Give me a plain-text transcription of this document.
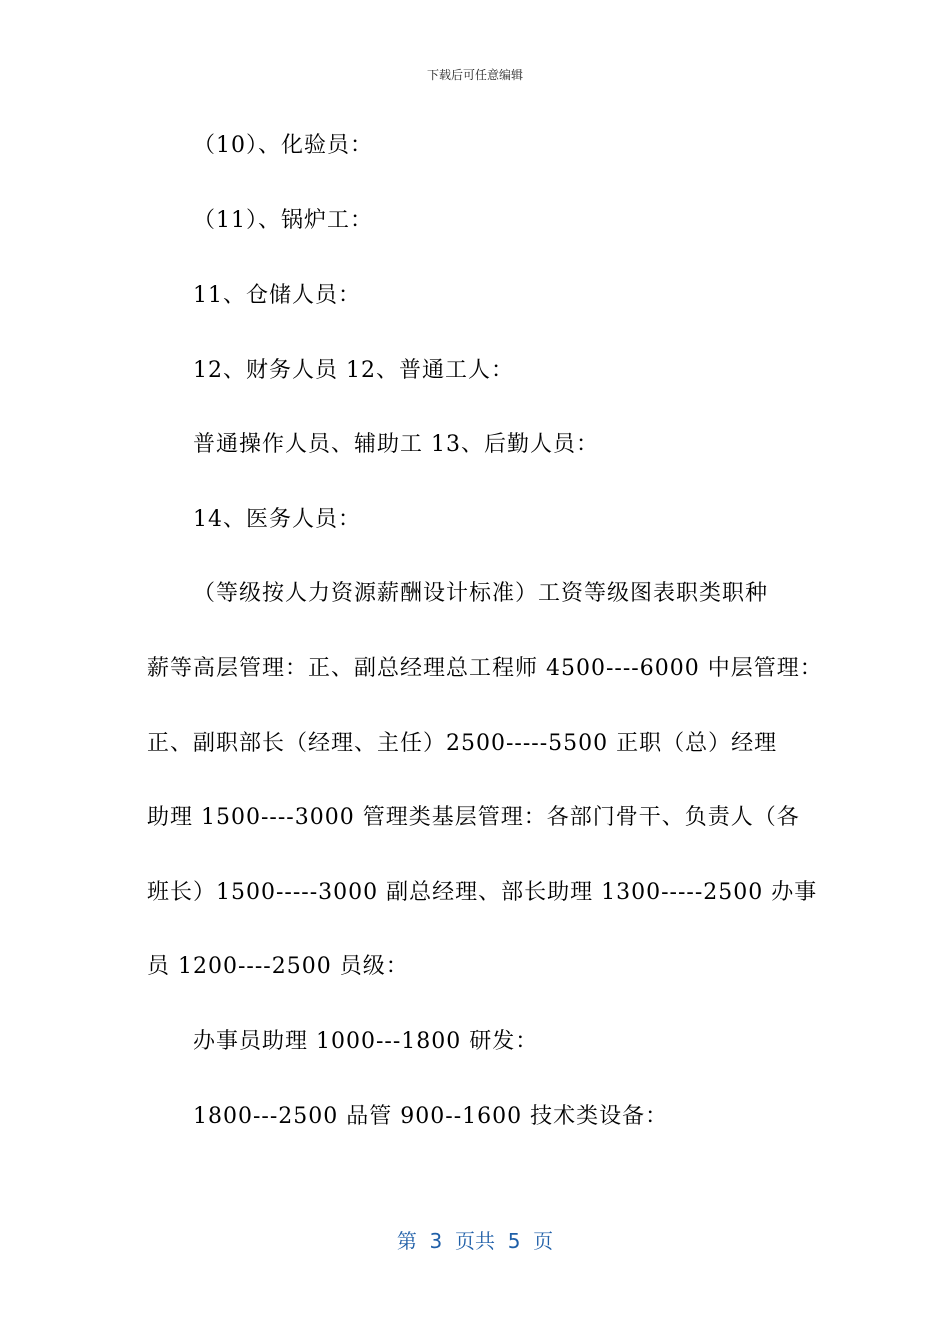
下载后可任意编辑
（10）、化验员：
（11）、锅炉工：
11、仓储人员：
12、财务人员 12、普通工人：
普通操作人员、辅助工 13、后勤人员：
14、医务人员：
（等级按人力资源薪酬设计标准）工资等级图表职类职种
薪等高层管理：正、副总经理总工程师 4500----6000 中层管理：
正、副职部长（经理、主任）2500-----5500 正职（总）经理
助理 1500----3000 管理类基层管理：各部门骨干、负责人（各
班长）1500-----3000 副总经理、部长助理 1300-----2500 办事
员 1200----2500 员级：
办事员助理 1000---1800 研发：
1800---2500 品管 900--1600 技术类设备：
第  3  页共  5  页
